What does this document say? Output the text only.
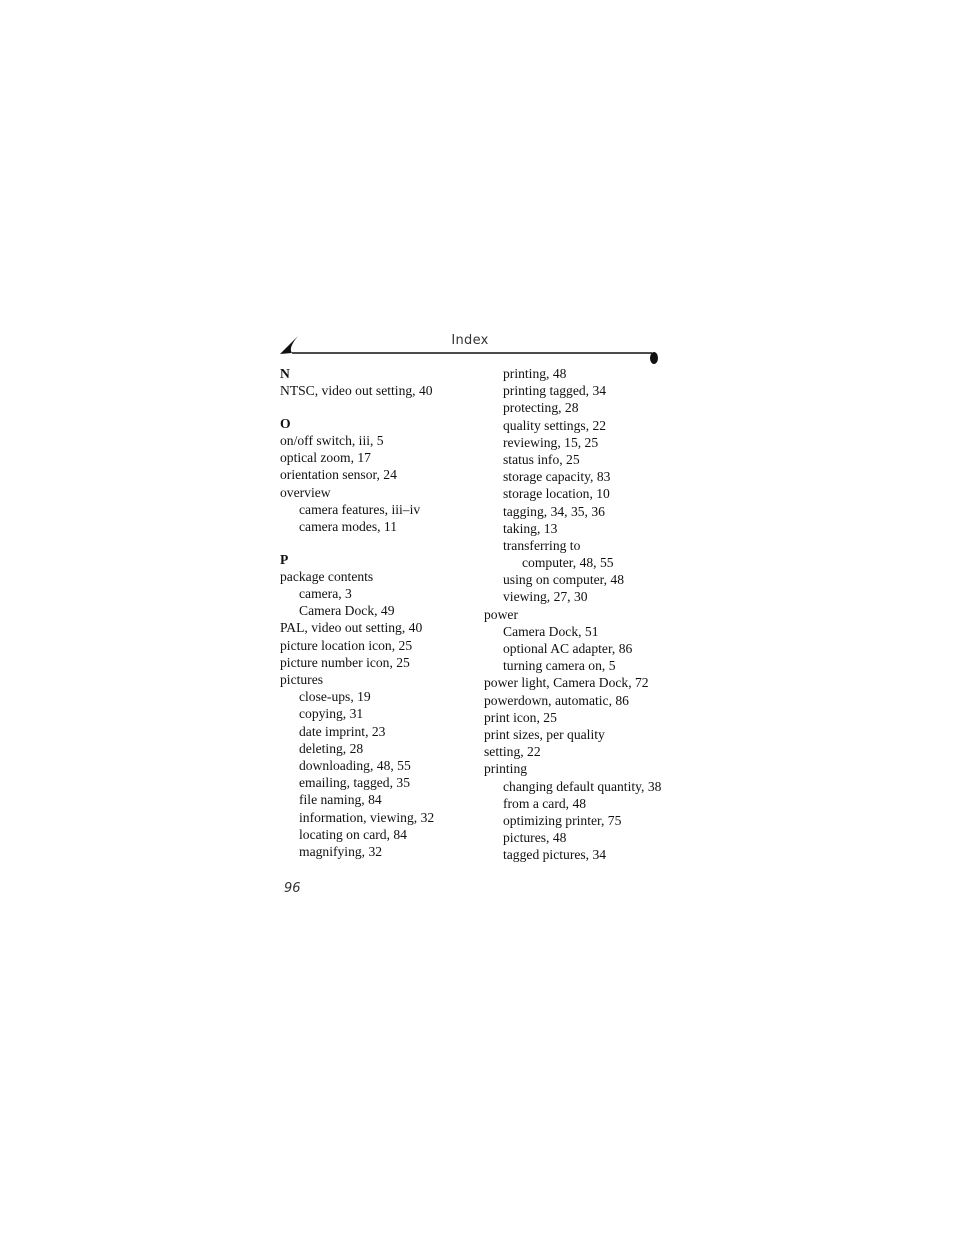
Index
N
NTSC, video out setting, 40
O
on/off switch, iii, 5
optical zoom, 17
orientation sensor, 24
overview
camera features, iii–iv
camera modes, 11
P
package contents
camera, 3
Camera Dock, 49
PAL, video out setting, 40
picture location icon, 25
picture number icon, 25
pictures
close-ups, 19
copying, 31
date imprint, 23
deleting, 28
downloading, 48, 55
emailing, tagged, 35
file naming, 84
information, viewing, 32
locating on card, 84
magnifying, 32
printing, 48
printing tagged, 34
protecting, 28
quality settings, 22
reviewing, 15, 25
status info, 25
storage capacity, 83
storage location, 10
tagging, 34, 35, 36
taking, 13
transferring to
computer, 48, 55
using on computer, 48
viewing, 27, 30
power
Camera Dock, 51
optional AC adapter, 86
turning camera on, 5
power light, Camera Dock, 72
powerdown, automatic, 86
print icon, 25
print sizes, per quality
setting, 22
printing
changing default quantity, 38
from a card, 48
optimizing printer, 75
pictures, 48
tagged pictures, 34
96
